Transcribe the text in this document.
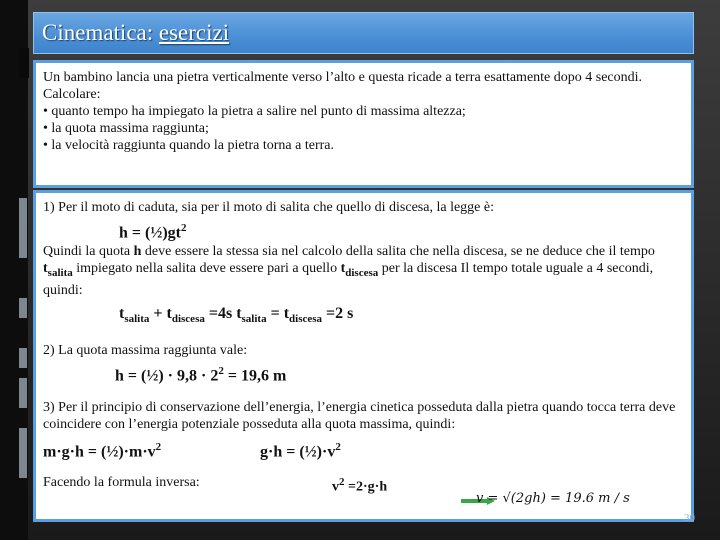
Cinematica: esercizi

Un bambino lancia una pietra verticalmente verso l’alto e questa ricade a terra esattamente dopo 4 secondi.

Calcolare:

• quanto tempo ha impiegato la pietra a salire nel punto di massima altezza;

• la quota massima raggiunta;

• la velocità raggiunta quando la pietra torna a terra.

1) Per il moto di caduta, sia per il moto di salita che quello di discesa, la legge è:

$h = (\frac{1}{2})gt^2$

Quindi la quota h deve essere la stessa sia nel calcolo della salita che nella discesa, se ne deduce che il tempo $t_{salita}$ impiegato nella salita deve essere pari a quello $t_{discesa}$ per la discesa Il tempo totale uguale a 4 secondi, quindi:

$t_{salita} + t_{discesa} =4s$ $t_{salita} = t_{discesa} =2$ s

2) La quota massima raggiunta vale:

h = (½) · $9,8 \cdot 2^2 = 19,6$ m

3) Per il principio di conservazione dell’energia, l’energia cinetica posseduta dalla pietra quando tocca terra deve coincidere con l’energia potenziale posseduta alla quota massima, quindi:

$m\cdot g\cdot h = (\frac{1}{2})\cdot m\cdot v^2$	$g\cdot h = (\frac{1}{2})\cdot v^2$

Facendo la formula inversa:	$v^2 =2\cdot g\cdot h$

v = √(2gh) = 19.6 m / s
30
